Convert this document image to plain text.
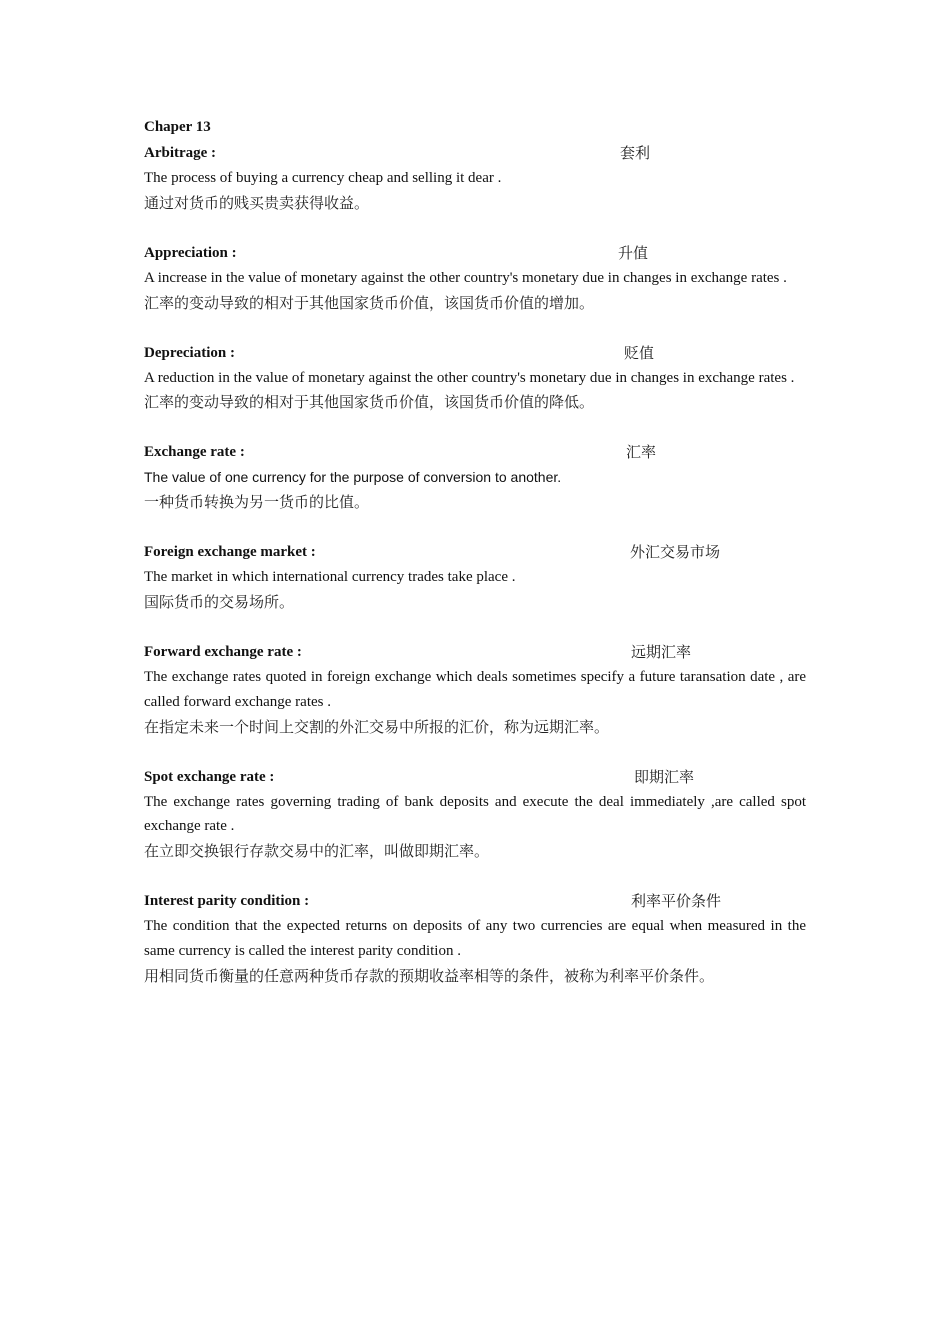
Chaper 13
Arbitrage :	套利

The process of buying a currency cheap and selling it dear .

通过对货币的贱买贵卖获得收益。

Appreciation :	升值

A increase in the value of monetary against the other country's monetary due in changes in exchange rates .

汇率的变动导致的相对于其他国家货币价值，该国货币价值的增加。

Depreciation :	贬值

A reduction in the value of monetary against the other country's monetary due in changes in exchange rates .

汇率的变动导致的相对于其他国家货币价值，该国货币价值的降低。

Exchange rate :	汇率

The value of one currency for the purpose of conversion to another.

一种货币转换为另一货币的比值。

Foreign exchange market :	外汇交易市场

The market in which international currency trades take place .

国际货币的交易场所。

Forward exchange rate :	远期汇率

The exchange rates quoted in foreign exchange which deals sometimes specify a future taransation date , are called forward exchange rates .

在指定未来一个时间上交割的外汇交易中所报的汇价，称为远期汇率。

Spot exchange rate :	即期汇率

The exchange rates governing trading of bank deposits and execute the deal immediately ,are called spot exchange rate .

在立即交换银行存款交易中的汇率，叫做即期汇率。

Interest parity condition :	利率平价条件

The condition that the expected returns on deposits of any two currencies are equal when measured in the same currency is called the interest parity condition .

用相同货币衡量的任意两种货币存款的预期收益率相等的条件，被称为利率平价条件。
